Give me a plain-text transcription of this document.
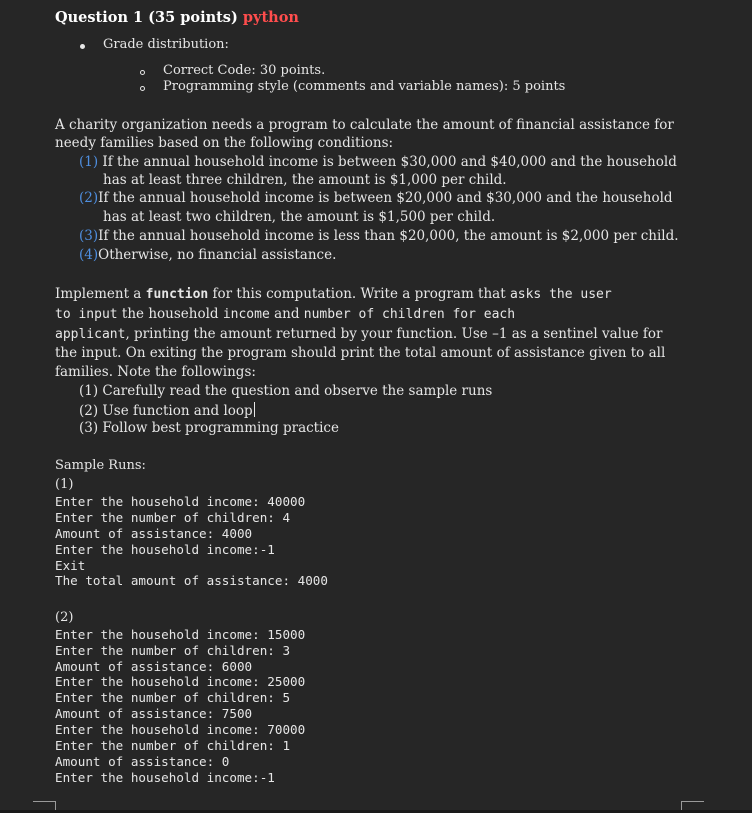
Question 1 (35 points) python
Grade distribution:
Correct Code: 30 points.
Programming style (comments and variable names): 5 points
A charity organization needs a program to calculate the amount of financial assistance for
needy families based on the following conditions:
(1) If the annual household income is between $30,000 and $40,000 and the household
has at least three children, the amount is $1,000 per child.
(2)If the annual household income is between $20,000 and $30,000 and the household
has at least two children, the amount is $1,500 per child.
(3)If the annual household income is less than $20,000, the amount is $2,000 per child.
(4)Otherwise, no financial assistance.
Implement a function for this computation. Write a program that asks the user
to input the household income and number of children for each
applicant, printing the amount returned by your function. Use –1 as a sentinel value for
the input. On exiting the program should print the total amount of assistance given to all
families. Note the followings:
(1) Carefully read the question and observe the sample runs
(2) Use function and loop
(3) Follow best programming practice
Sample Runs:
(1)
Enter the household income: 40000
Enter the number of children: 4
Amount of assistance: 4000
Enter the household income:-1
Exit
The total amount of assistance: 4000
(2)
Enter the household income: 15000
Enter the number of children: 3
Amount of assistance: 6000
Enter the household income: 25000
Enter the number of children: 5
Amount of assistance: 7500
Enter the household income: 70000
Enter the number of children: 1
Amount of assistance: 0
Enter the household income:-1
